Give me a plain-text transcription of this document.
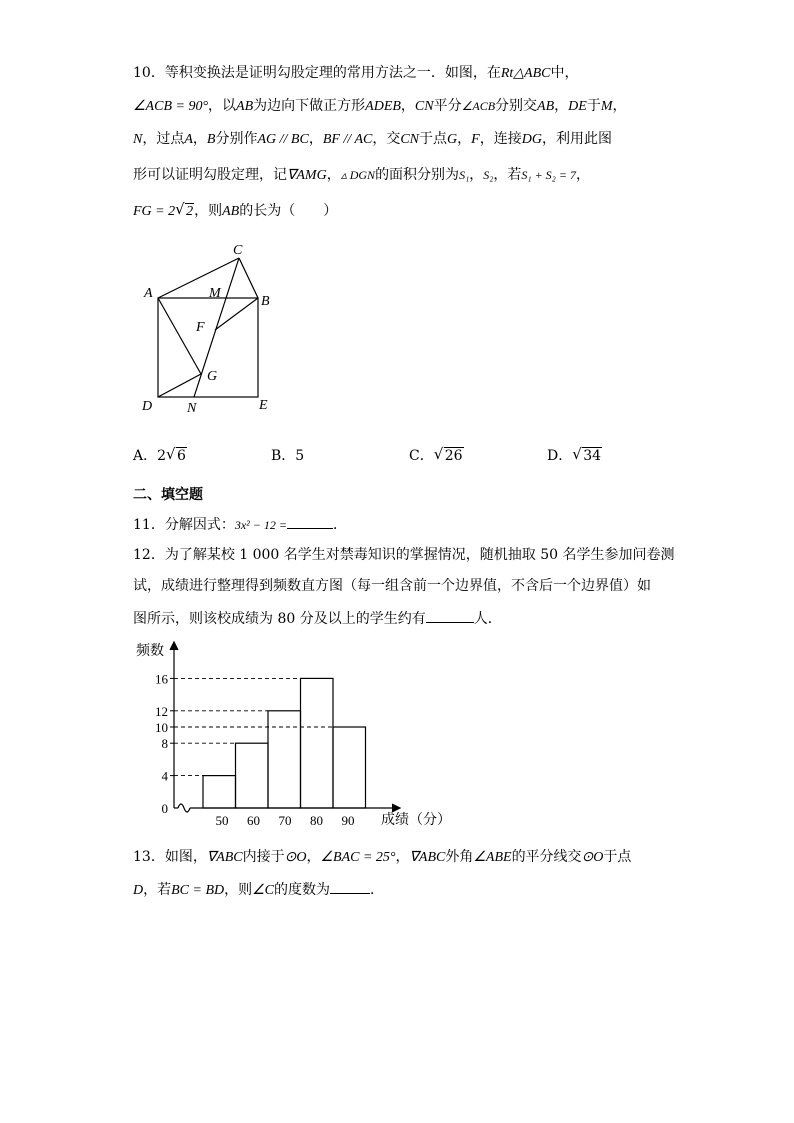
10．等积变换法是证明勾股定理的常用方法之一．如图，在Rt△ABC中，
∠ACB = 90°，以AB为边向下做正方形ADEB，CN平分∠ACB分别交AB，DE于M，
N，过点A，B分别作AG // BC，BF // AC，交CN于点G，F，连接DG，利用此图
形可以证明勾股定理，记∇AMG，▵ DGN的面积分别为S₁，S₂，若S₁ + S₂ = 7，
FG = 2 √ 2，则AB的长为（　　）
C
A	M
B
F
G
D N	E
A．2 √ 6	B．5	C． √ 26	D． √ 34
二、填空题
11．分解因式：3x² − 12 =	．
12．为了解某校 1 000 名学生对禁毒知识的掌握情况，随机抽取 50 名学生参加问卷测
试，成绩进行整理得到频数直方图（每一组含前一个边界值，不含后一个边界值）如
图所示，则该校成绩为 80 分及以上的学生约有	人．
0
4
8
10
12
16
50 60 70 80 90
频数
成绩（分）
13．如图，∇ABC内接于⊙O，∠BAC = 25°，∇ABC外角∠ABE的平分线交⊙O于点
D，若BC = BD，则∠C的度数为	．
